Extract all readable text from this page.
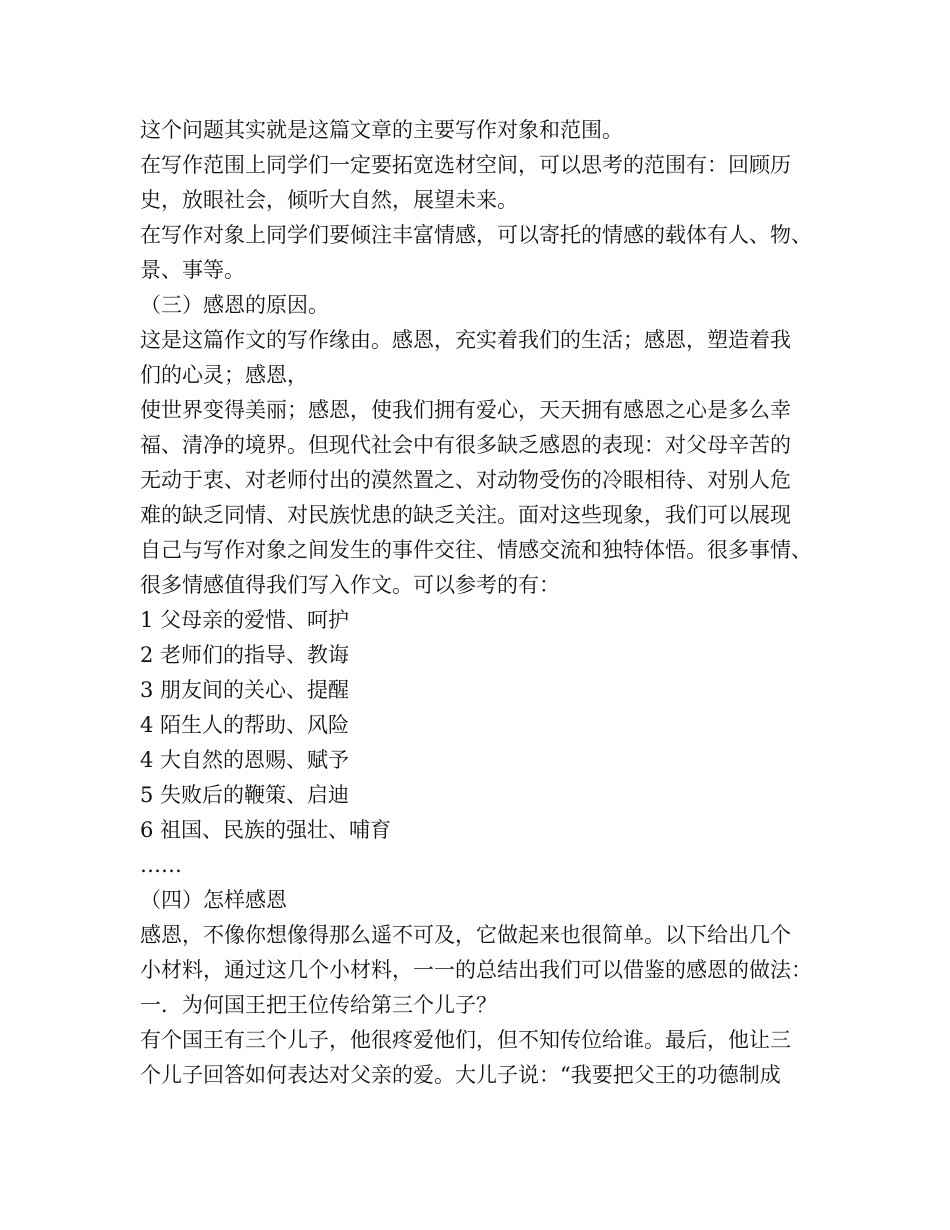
这个问题其实就是这篇文章的主要写作对象和范围。
在写作范围上同学们一定要拓宽选材空间，可以思考的范围有：回顾历
史，放眼社会，倾听大自然，展望未来。
在写作对象上同学们要倾注丰富情感，可以寄托的情感的载体有人、物、
景、事等。
（三）感恩的原因。
这是这篇作文的写作缘由。感恩，充实着我们的生活；感恩，塑造着我
们的心灵；感恩，
使世界变得美丽；感恩，使我们拥有爱心，天天拥有感恩之心是多么幸
福、清净的境界。但现代社会中有很多缺乏感恩的表现：对父母辛苦的
无动于衷、对老师付出的漠然置之、对动物受伤的冷眼相待、对别人危
难的缺乏同情、对民族忧患的缺乏关注。面对这些现象，我们可以展现
自己与写作对象之间发生的事件交往、情感交流和独特体悟。很多事情、
很多情感值得我们写入作文。可以参考的有：
1 父母亲的爱惜、呵护
2 老师们的指导、教诲
3 朋友间的关心、提醒
4 陌生人的帮助、风险
4 大自然的恩赐、赋予
5 失败后的鞭策、启迪
6 祖国、民族的强壮、哺育
……
（四）怎样感恩
感恩，不像你想像得那么遥不可及，它做起来也很简单。以下给出几个
小材料，通过这几个小材料，一一的总结出我们可以借鉴的感恩的做法：
一．为何国王把王位传给第三个儿子？
有个国王有三个儿子，他很疼爱他们，但不知传位给谁。最后，他让三
个儿子回答如何表达对父亲的爱。大儿子说：“我要把父王的功德制成
